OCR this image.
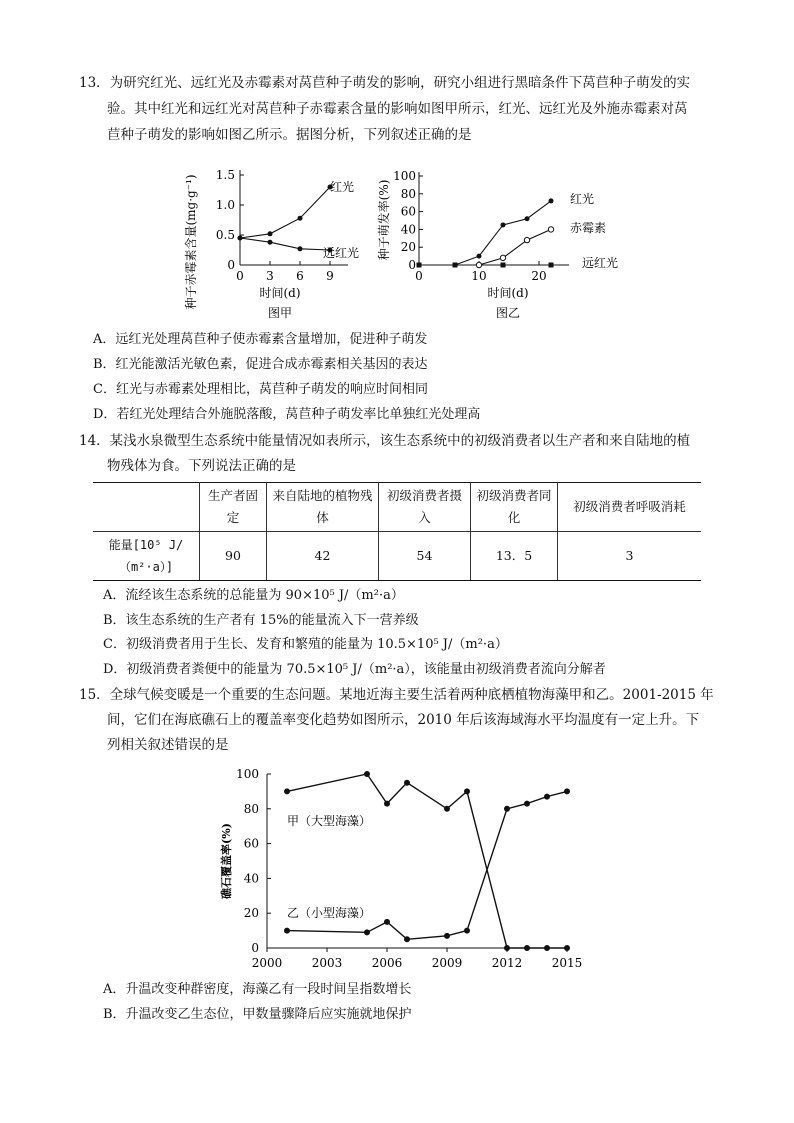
13．为研究红光、远红光及赤霉素对莴苣种子萌发的影响，研究小组进行黑暗条件下莴苣种子萌发的实
验。其中红光和远红光对莴苣种子赤霉素含量的影响如图甲所示，红光、远红光及外施赤霉素对莴
苣种子萌发的影响如图乙所示。据图分析，下列叙述正确的是
1.5
1.0
0.5
0
0 3 6 9
种子赤霉素含量(mg·g⁻¹)	时间(d)
图甲
红光
远红光
100
80
60
40
20
0
0	10	20
种子萌发率(%)
时间(d)
图乙
红光
赤霉素
远红光
A．远红光处理莴苣种子使赤霉素含量增加，促进种子萌发
B．红光能激活光敏色素，促进合成赤霉素相关基因的表达
C．红光与赤霉素处理相比，莴苣种子萌发的响应时间相同
D．若红光处理结合外施脱落酸，莴苣种子萌发率比单独红光处理高
14．某浅水泉微型生态系统中能量情况如表所示，该生态系统中的初级消费者以生产者和来自陆地的植
物残体为食。下列说法正确的是
	生产者固定	来自陆地的植物残体	初级消费者摄入	初级消费者同化	初级消费者呼吸消耗
能量[10⁵ J/（m²·a）]	90	42	54	13．5	3
A．流经该生态系统的总能量为 90×10⁵ J/（m²·a）
B．该生态系统的生产者有 15%的能量流入下一营养级
C．初级消费者用于生长、发育和繁殖的能量为 10.5×10⁵ J/（m²·a）
D．初级消费者粪便中的能量为 70.5×10⁵ J/（m²·a），该能量由初级消费者流向分解者
15．全球气候变暖是一个重要的生态问题。某地近海主要生活着两种底栖植物海藻甲和乙。2001-2015 年
间，它们在海底礁石上的覆盖率变化趋势如图所示，2010 年后该海域海水平均温度有一定上升。下
列相关叙述错误的是
100
80
60
40
20
0
2000 2003 2006 2009 2012 2015
礁石覆盖率(%)
甲（大型海藻）
乙（小型海藻）
A．升温改变种群密度，海藻乙有一段时间呈指数增长
B．升温改变乙生态位，甲数量骤降后应实施就地保护
